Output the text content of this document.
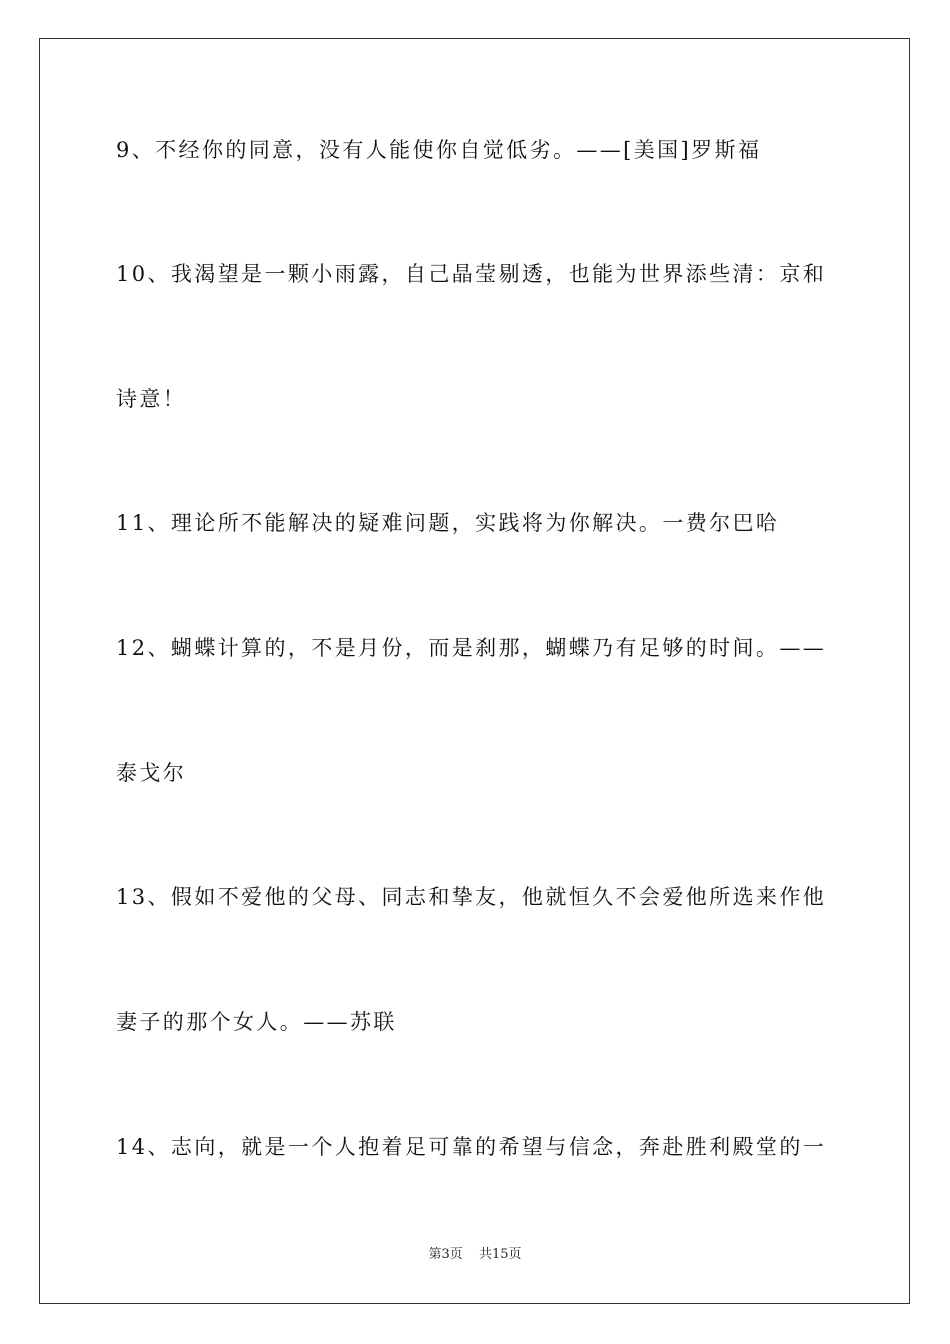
9、不经你的同意，没有人能使你自觉低劣。——[美国]罗斯福
10、我渴望是一颗小雨露，自己晶莹剔透，也能为世界添些清：京和
诗意！
11、理论所不能解决的疑难问题，实践将为你解决。一费尔巴哈
12、蝴蝶计算的，不是月份，而是刹那，蝴蝶乃有足够的时间。——
泰戈尔
13、假如不爱他的父母、同志和挚友，他就恒久不会爱他所选来作他
妻子的那个女人。——苏联
14、志向，就是一个人抱着足可靠的希望与信念，奔赴胜利殿堂的一
第3页 共15页
